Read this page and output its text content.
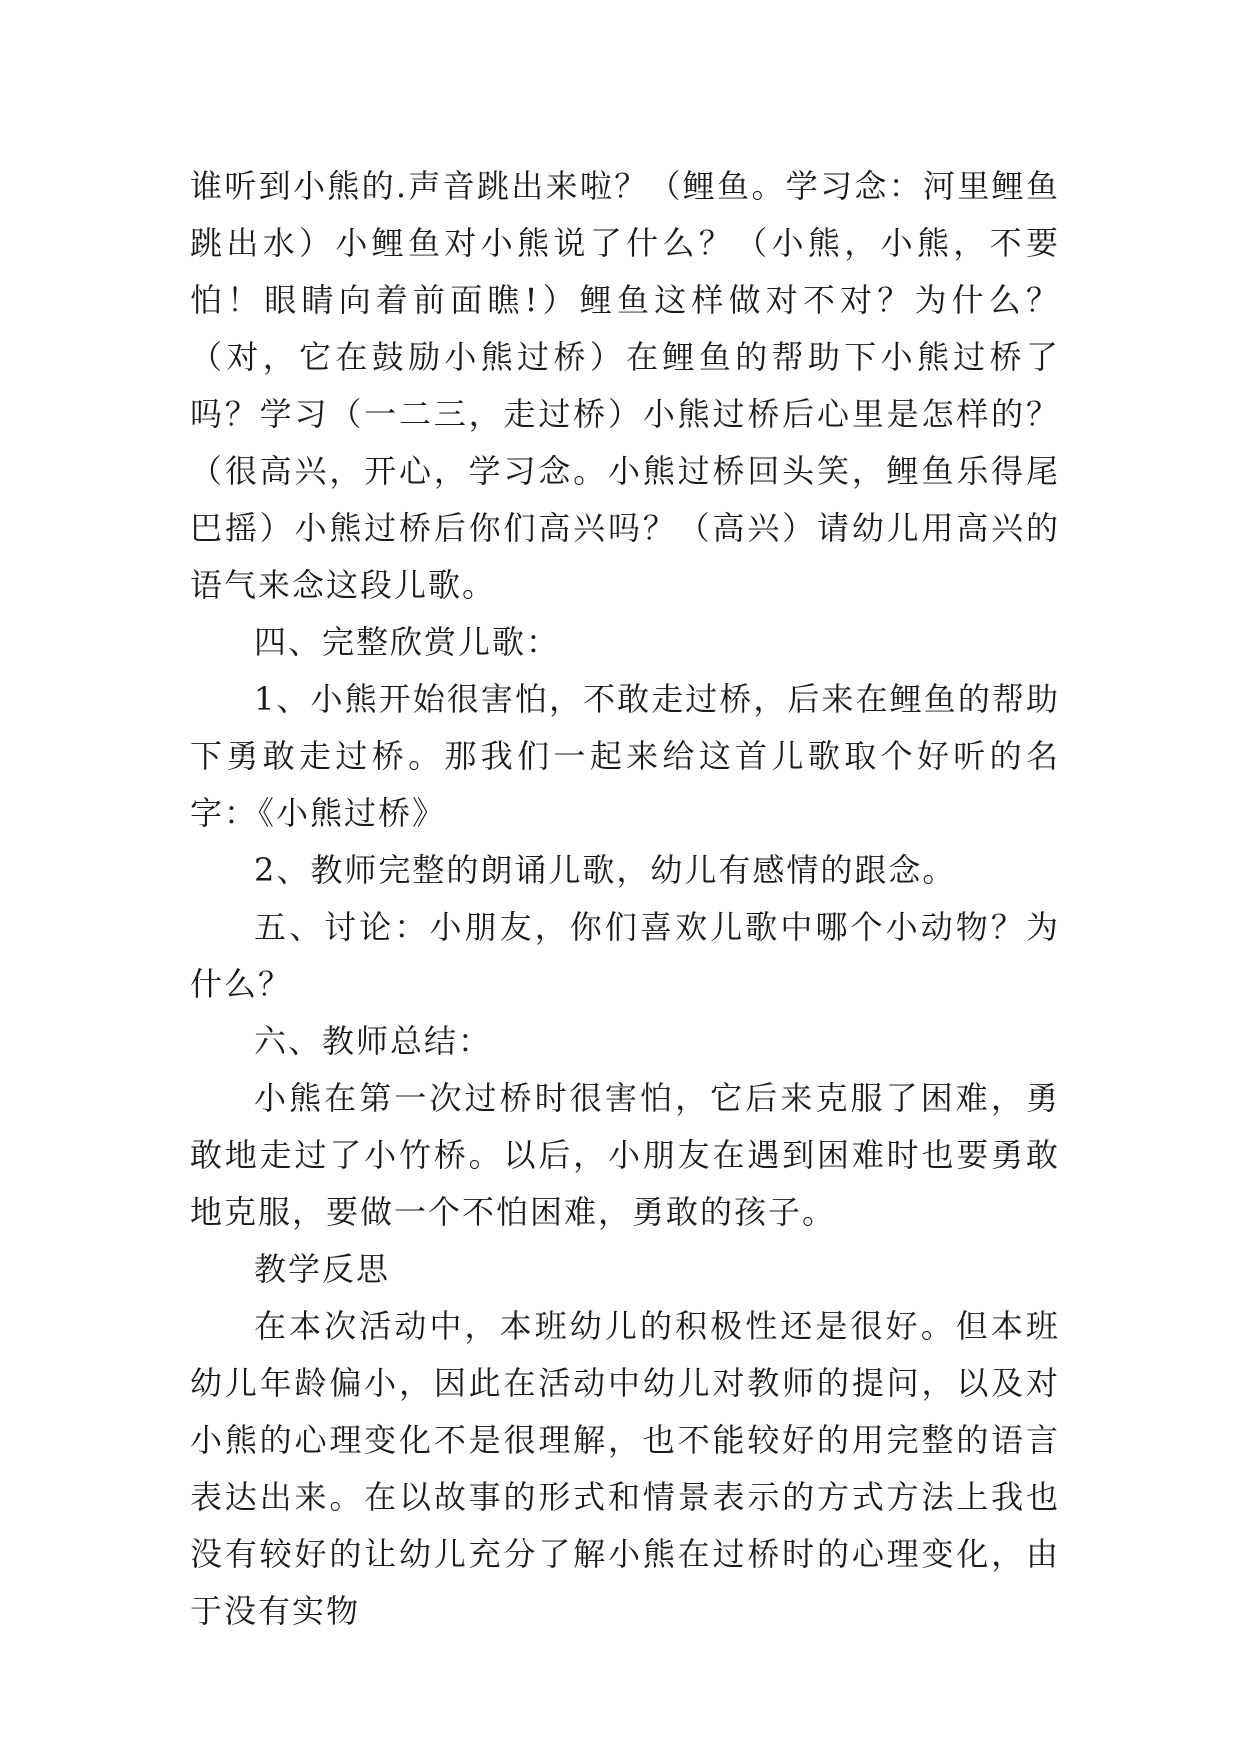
谁听到小熊的.声音跳出来啦？（鲤鱼。学习念：河里鲤鱼跳出水）小鲤鱼对小熊说了什么？（小熊，小熊，不要怕！眼睛向着前面瞧!）鲤鱼这样做对不对？为什么？（对，它在鼓励小熊过桥）在鲤鱼的帮助下小熊过桥了吗？学习（一二三，走过桥）小熊过桥后心里是怎样的？（很高兴，开心，学习念。小熊过桥回头笑，鲤鱼乐得尾巴摇）小熊过桥后你们高兴吗？（高兴）请幼儿用高兴的语气来念这段儿歌。

四、完整欣赏儿歌：

1、小熊开始很害怕，不敢走过桥，后来在鲤鱼的帮助下勇敢走过桥。那我们一起来给这首儿歌取个好听的名字：《小熊过桥》

2、教师完整的朗诵儿歌，幼儿有感情的跟念。

五、讨论：小朋友，你们喜欢儿歌中哪个小动物？为什么？

六、教师总结：

小熊在第一次过桥时很害怕，它后来克服了困难，勇敢地走过了小竹桥。以后，小朋友在遇到困难时也要勇敢地克服，要做一个不怕困难，勇敢的孩子。

教学反思

在本次活动中，本班幼儿的积极性还是很好。但本班幼儿年龄偏小，因此在活动中幼儿对教师的提问，以及对小熊的心理变化不是很理解，也不能较好的用完整的语言表达出来。在以故事的形式和情景表示的方式方法上我也没有较好的让幼儿充分了解小熊在过桥时的心理变化，由于没有实物
